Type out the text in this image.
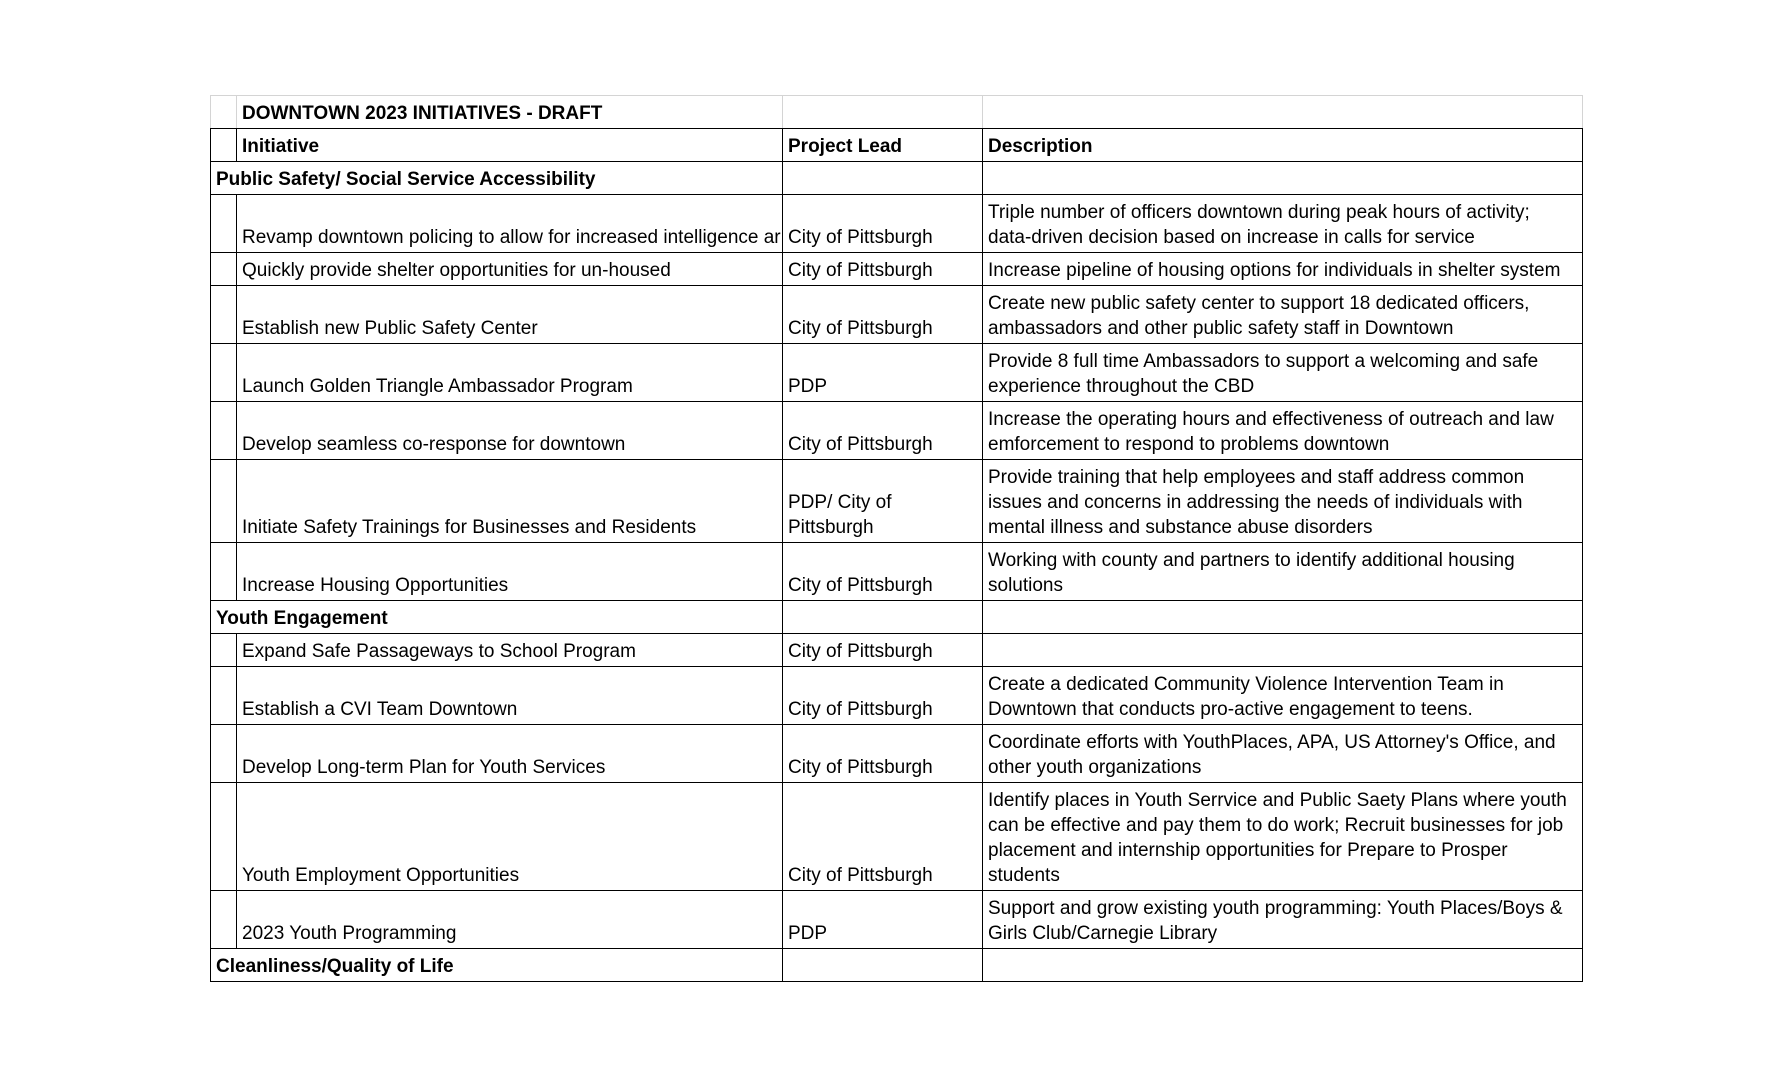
	DOWNTOWN 2023 INITIATIVES - DRAFT		
	Initiative	Project Lead	Description
Public Safety/ Social Service Accessibility			
	Revamp downtown policing to allow for increased intelligence ar	City of Pittsburgh	Triple number of officers downtown during peak hours of activity; data-driven decision based on increase in calls for service
	Quickly provide shelter opportunities for un-housed	City of Pittsburgh	Increase pipeline of housing options for individuals in shelter system
	Establish new Public Safety Center	City of Pittsburgh	Create new public safety center to support 18 dedicated officers, ambassadors and other public safety staff in Downtown
	Launch Golden Triangle Ambassador Program	PDP	Provide 8 full time Ambassadors to support a welcoming and safe experience throughout the CBD
	Develop seamless co-response for downtown	City of Pittsburgh	Increase the operating hours and effectiveness of outreach and law emforcement to respond to problems downtown
	Initiate Safety Trainings for Businesses and Residents	PDP/ City of Pittsburgh	Provide training that help employees and staff address common issues and concerns in addressing the needs of individuals with mental illness and substance abuse disorders
	Increase Housing Opportunities	City of Pittsburgh	Working with county and partners to identify additional housing solutions
Youth Engagement			
	Expand Safe Passageways to School Program	City of Pittsburgh	
	Establish a CVI Team Downtown	City of Pittsburgh	Create a dedicated Community Violence Intervention Team in Downtown that conducts pro-active engagement to teens.
	Develop Long-term Plan for Youth Services	City of Pittsburgh	Coordinate efforts with YouthPlaces, APA, US Attorney's Office, and other youth organizations
	Youth Employment Opportunities	City of Pittsburgh	Identify places in Youth Serrvice and Public Saety Plans where youth can be effective and pay them to do work; Recruit businesses for job placement and internship opportunities for Prepare to Prosper students
	2023 Youth Programming	PDP	Support and grow existing youth programming: Youth Places/Boys & Girls Club/Carnegie Library
Cleanliness/Quality of Life			
